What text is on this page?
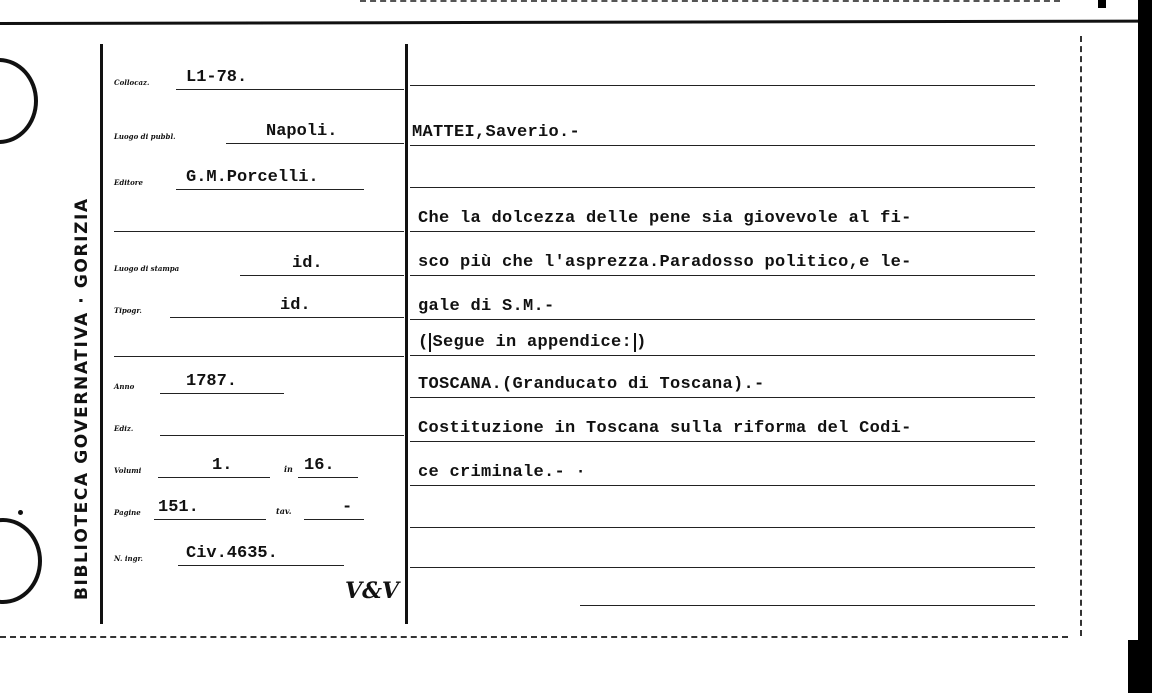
BIBLIOTECA GOVERNATIVA · GORIZIA
Collocaz. L1-78.
Luogo di pubbl.	Napoli.
Editore	G.M.Porcelli.
Luogo di stampa	id.
Tipogr.	id.
Anno	1787.
Ediz.
Volumi	1.	in 16.
Pagine 151.	tav.	-
N. ingr.	Civ.4635.
MATTEI,Saverio.-
Che la dolcezza delle pene sia giovevole al fi-
sco più che l'asprezza.Paradosso politico,e le-
gale di S.M.-
( Segue in appendice: )
TOSCANA.(Granducato di Toscana).-
Costituzione in Toscana sulla riforma del Codi-
ce criminale.- ·
V&V
